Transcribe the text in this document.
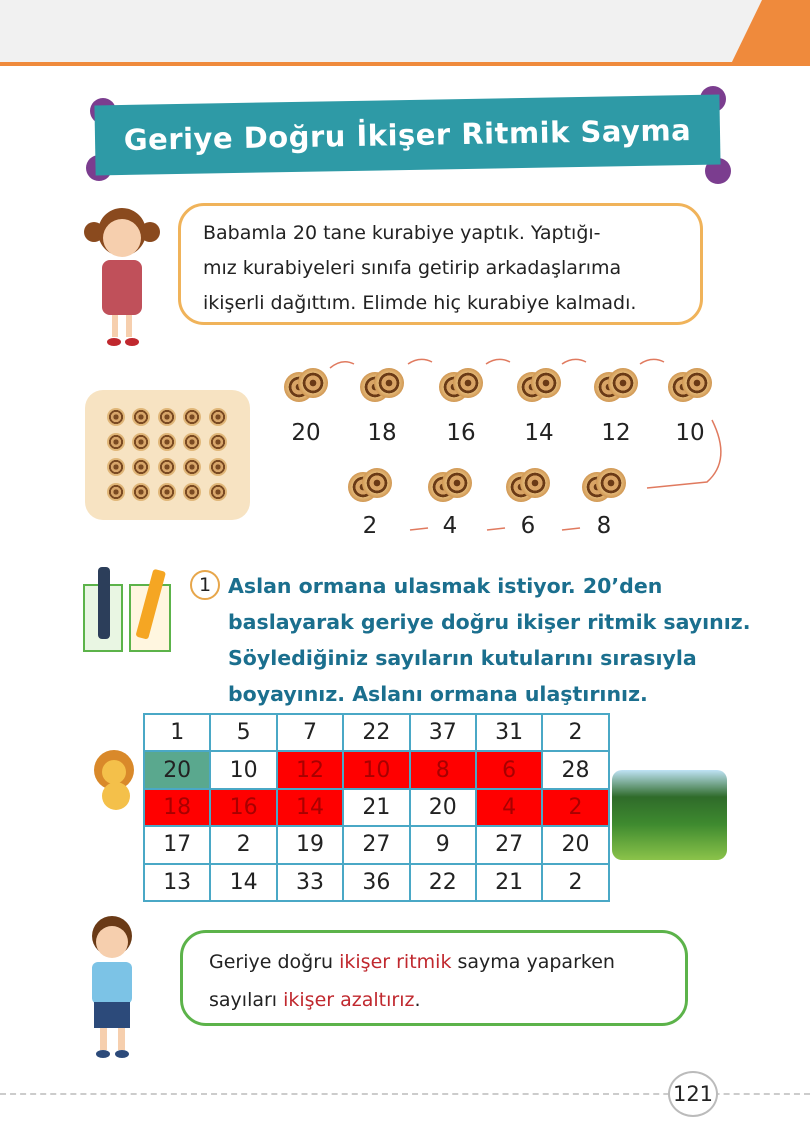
Geriye Doğru İkişer Ritmik Sayma
Babamla 20 tane kurabiye yaptık. Yaptığı-
mız kurabiyeleri sınıfa getirip arkadaşlarıma
ikişerli dağıttım. Elimde hiç kurabiye kalmadı.
20 18 16 14 12 10
2	4	6	8
1 Aslan ormana ulasmak istiyor. 20’den
baslayarak geriye doğru ikişer ritmik sayınız.
Söylediğiniz sayıların kutularını sırasıyla
boyayınız. Aslanı ormana ulaştırınız.
1	5	7	22	37	31	2
20	10	12	10	8	6	28
18	16	14	21	20	4	2
17	2	19	27	9	27	20
13	14	33	36	22	21	2
Geriye doğru ikişer ritmik sayma yaparken
sayıları ikişer azaltırız.
121
